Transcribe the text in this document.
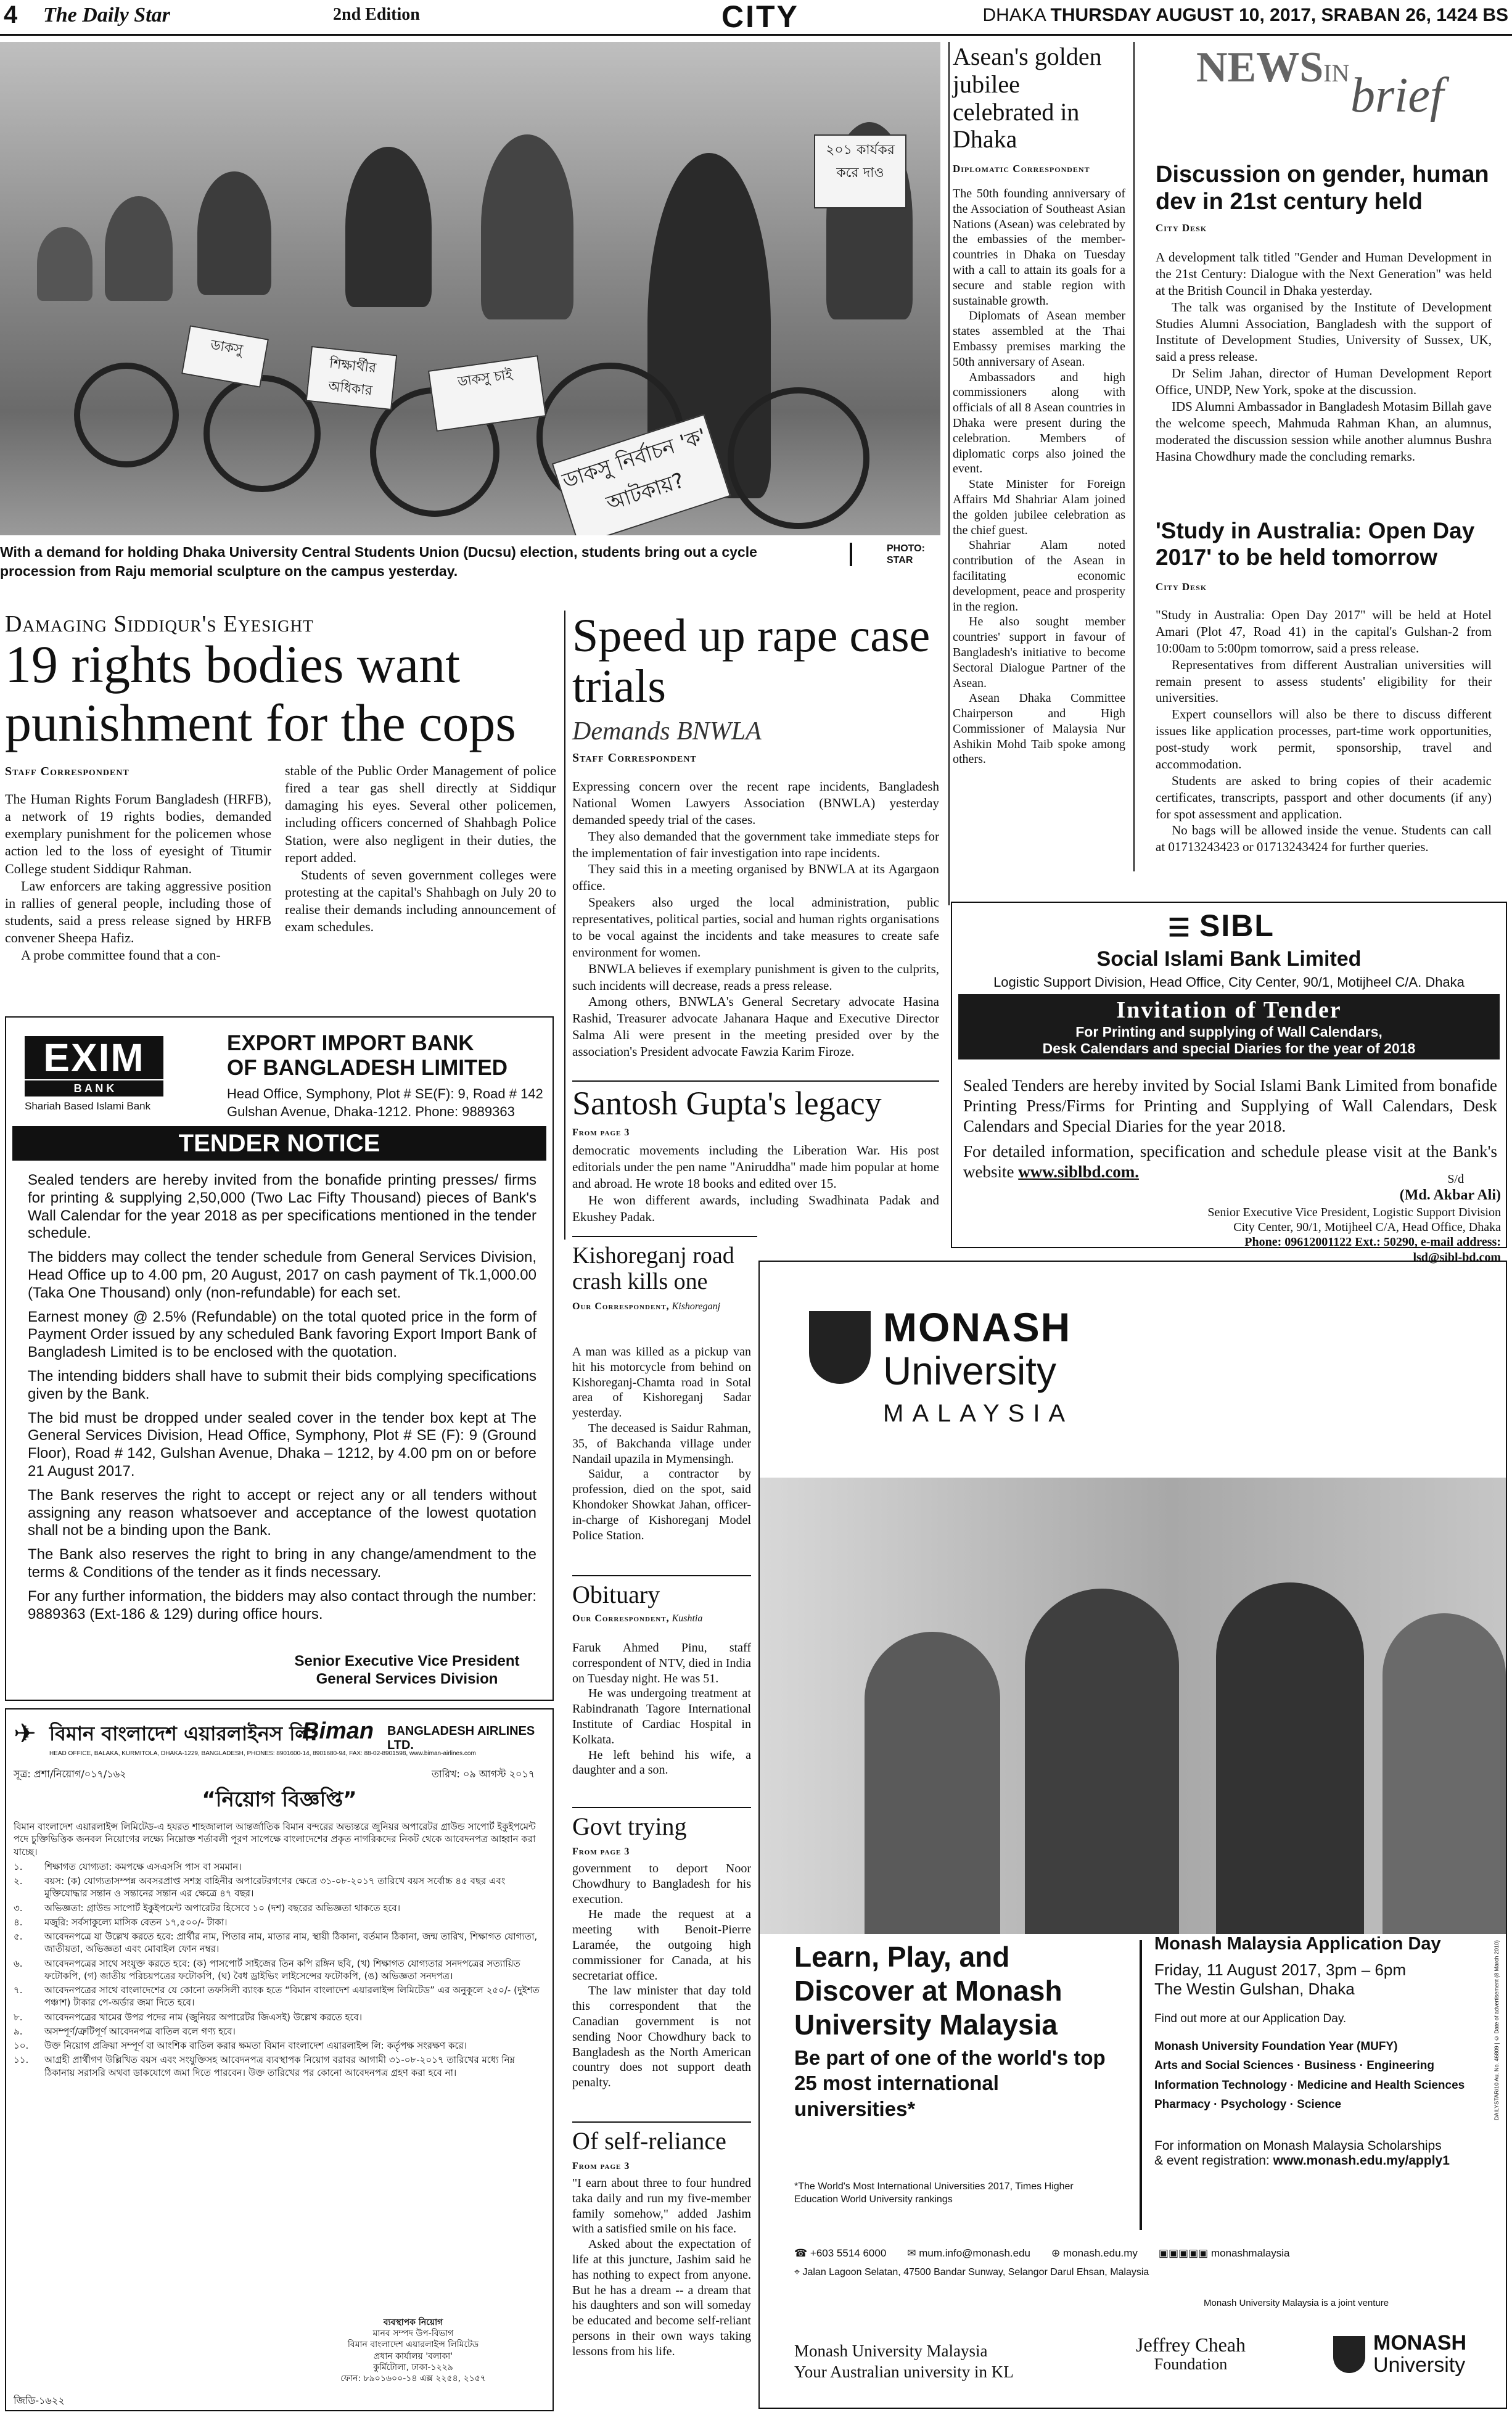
4 The Daily Star	2nd Edition	CITY	DHAKA THURSDAY AUGUST 10, 2017, SRABAN 26, 1424 BS
ডাকসু নির্বাচন 'ক' আটকায়?
২০১ কার্যকর করে দাও
ডাকসু চাই
শিক্ষার্থীর অধিকার
ডাকসু
With a demand for holding Dhaka University Central Students Union (Ducsu) election, students bring out a cycle procession from Raju memorial sculpture on the campus yesterday.
PHOTO:
STAR
Damaging Siddiqur's Eyesight
19 rights bodies want punishment for the cops
Staff Correspondent

The Human Rights Forum Bangladesh (HRFB), a network of 19 rights bodies, demanded exemplary punishment for the policemen whose action led to the loss of eyesight of Titumir College student Siddiqur Rahman.

Law enforcers are taking aggressive position in rallies of general people, including those of students, said a press release signed by HRFB convener Sheepa Hafiz.

A probe committee found that a con-

stable of the Public Order Management of police fired a tear gas shell directly at Siddiqur damaging his eyes. Several other policemen, including officers concerned of Shahbagh Police Station, were also negligent in their duties, the report added.

Students of seven government colleges were protesting at the capital's Shahbagh on July 20 to realise their demands including announcement of exam schedules.

Speed up rape case trials
Demands BNWLA
Staff Correspondent

Expressing concern over the recent rape incidents, Bangladesh National Women Lawyers Association (BNWLA) yesterday demanded speedy trial of the cases.

They also demanded that the government take immediate steps for the implementation of fair investigation into rape incidents.

They said this in a meeting organised by BNWLA at its Agargaon office.

Speakers also urged the local administration, public representatives, political parties, social and human rights organisations to be vocal against the incidents and take measures to create safe environment for women.

BNWLA believes if exemplary punishment is given to the culprits, such incidents will decrease, reads a press release.

Among others, BNWLA's General Secretary advocate Hasina Rashid, Treasurer advocate Jahanara Haque and Executive Director Salma Ali were present in the meeting presided over by the association's President advocate Fawzia Karim Firoze.

Santosh Gupta's legacy
From page 3

democratic movements including the Liberation War. His post editorials under the pen name "Aniruddha" made him popular at home and abroad. He wrote 18 books and edited over 15.

He won different awards, including Swadhinata Padak and Ekushey Padak.

Kishoreganj road crash kills one
Our Correspondent, Kishoreganj

A man was killed as a pickup van hit his motorcycle from behind on Kishoreganj-Chamta road in Sotal area of Kishoreganj Sadar yesterday.

The deceased is Saidur Rahman, 35, of Bakchanda village under Nandail upazila in Mymensingh.

Saidur, a contractor by profession, died on the spot, said Khondoker Showkat Jahan, officer-in-charge of Kishoreganj Model Police Station.

Obituary
Our Correspondent, Kushtia

Faruk Ahmed Pinu, staff correspondent of NTV, died in India on Tuesday night. He was 51.

He was undergoing treatment at Rabindranath Tagore International Institute of Cardiac Hospital in Kolkata.

He left behind his wife, a daughter and a son.

Govt trying
From page 3

government to deport Noor Chowdhury to Bangladesh for his execution.

He made the request at a meeting with Benoit-Pierre Laramée, the outgoing high commissioner for Canada, at his secretariat office.

The law minister that day told this correspondent that the Canadian government is not sending Noor Chowdhury back to Bangladesh as the North American country does not support death penalty.

Of self-reliance
From page 3

"I earn about three to four hundred taka daily and run my five-member family somehow," added Jashim with a satisfied smile on his face.

Asked about the expectation of life at this juncture, Jashim said he has nothing to expect from anyone. But he has a dream -- a dream that his daughters and son will someday be educated and become self-reliant persons in their own ways taking lessons from his life.

Asean's golden jubilee celebrated in Dhaka
Diplomatic Correspondent

The 50th founding anniversary of the Association of Southeast Asian Nations (Asean) was celebrated by the embassies of the member-countries in Dhaka on Tuesday with a call to attain its goals for a secure and stable region with sustainable growth.

Diplomats of Asean member states assembled at the Thai Embassy premises marking the 50th anniversary of Asean.

Ambassadors and high commissioners along with officials of all 8 Asean countries in Dhaka were present during the celebration. Members of diplomatic corps also joined the event.

State Minister for Foreign Affairs Md Shahriar Alam joined the golden jubilee celebration as the chief guest.

Shahriar Alam noted contribution of the Asean in facilitating economic development, peace and prosperity in the region.

He also sought member countries' support in favour of Bangladesh's initiative to become Sectoral Dialogue Partner of the Asean.

Asean Dhaka Committee Chairperson and High Commissioner of Malaysia Nur Ashikin Mohd Taib spoke among others.

NEWSIN brief
Discussion on gender, human dev in 21st century held
City Desk

A development talk titled "Gender and Human Development in the 21st Century: Dialogue with the Next Generation" was held at the British Council in Dhaka yesterday.

The talk was organised by the Institute of Development Studies Alumni Association, Bangladesh with the support of Institute of Development Studies, University of Sussex, UK, said a press release.

Dr Selim Jahan, director of Human Development Report Office, UNDP, New York, spoke at the discussion.

IDS Alumni Ambassador in Bangladesh Motasim Billah gave the welcome speech, Mahmuda Rahman Khan, an alumnus, moderated the discussion session while another alumnus Bushra Hasina Chowdhury made the concluding remarks.

'Study in Australia: Open Day 2017' to be held tomorrow
City Desk

"Study in Australia: Open Day 2017" will be held at Hotel Amari (Plot 47, Road 41) in the capital's Gulshan-2 from 10:00am to 5:00pm tomorrow, said a press release.

Representatives from different Australian universities will remain present to assess students' eligibility for their universities.

Expert counsellors will also be there to discuss different issues like application processes, part-time work opportunities, post-study work permit, sponsorship, travel and accommodation.

Students are asked to bring copies of their academic certificates, transcripts, passport and other documents (if any) for spot assessment and application.

No bags will be allowed inside the venue. Students can call at 01713243423 or 01713243424 for further queries.

EXIM
B A N K
Shariah Based Islami Bank
EXPORT IMPORT BANK
OF BANGLADESH LIMITED
Head Office, Symphony, Plot # SE(F): 9, Road # 142
Gulshan Avenue, Dhaka-1212. Phone: 9889363
TENDER NOTICE

Sealed tenders are hereby invited from the bonafide printing presses/ firms for printing & supplying 2,50,000 (Two Lac Fifty Thousand) pieces of Bank's Wall Calendar for the year 2018 as per specifications mentioned in the tender schedule.

The bidders may collect the tender schedule from General Services Division, Head Office up to 4.00 pm, 20 August, 2017 on cash payment of Tk.1,000.00 (Taka One Thousand) only (non-refundable) for each set.

Earnest money @ 2.5% (Refundable) on the total quoted price in the form of Payment Order issued by any scheduled Bank favoring Export Import Bank of Bangladesh Limited is to be enclosed with the quotation.

The intending bidders shall have to submit their bids complying specifications given by the Bank.

The bid must be dropped under sealed cover in the tender box kept at The General Services Division, Head Office, Symphony, Plot # SE (F): 9 (Ground Floor), Road # 142, Gulshan Avenue, Dhaka – 1212, by 4.00 pm on or before 21 August 2017.

The Bank reserves the right to accept or reject any or all tenders without assigning any reason whatsoever and acceptance of the lowest quotation shall not be a binding upon the Bank.

The Bank also reserves the right to bring in any change/amendment to the terms & Conditions of the tender as it finds necessary.

For any further information, the bidders may also contact through the number: 9889363 (Ext-186 & 129) during office hours.

Senior Executive Vice President
General Services Division
✈ বিমান বাংলাদেশ এয়ারলাইনস লি:
Biman BANGLADESH AIRLINES LTD.
HEAD OFFICE, BALAKA, KURMITOLA, DHAKA-1229, BANGLADESH, PHONES: 8901600-14, 8901680-94, FAX: 88-02-8901598, www.biman-airlines.com
সূত্র: প্রশা/নিয়োগ/০১৭/১৬২	তারিখ: ০৯ আগস্ট ২০১৭
“নিয়োগ বিজ্ঞপ্তি”

বিমান বাংলাদেশ এয়ারলাইন্স লিমিটেড-এ হযরত শাহজালাল আন্তর্জাতিক বিমান বন্দরের অভ্যন্তরে জুনিয়র অপারেটর গ্রাউন্ড সাপোর্ট ইকুইপমেন্ট পদে চুক্তিভিত্তিক জনবল নিয়োগের লক্ষ্যে নিম্নোক্ত শর্তাবলী পূরণ সাপেক্ষে বাংলাদেশের প্রকৃত নাগরিকদের নিকট থেকে আবেদনপত্র আহ্বান করা যাচ্ছে।

১.	শিক্ষাগত যোগ্যতা: কমপক্ষে এসএসসি পাস বা সমমান।
২.	বয়স: (ক) যোগ্যতাসম্পন্ন অবসরপ্রাপ্ত সশস্ত্র বাহিনীর অপারেটরগণের ক্ষেত্রে ৩১-০৮-২০১৭ তারিখে বয়স সর্বোচ্চ ৪৫ বছর এবং মুক্তিযোদ্ধার সন্তান ও সন্তানের সন্তান এর ক্ষেত্রে ৪৭ বছর।
৩.	অভিজ্ঞতা: গ্রাউন্ড সাপোর্ট ইকুইপমেন্ট অপারেটর হিসেবে ১০ (দশ) বছরের অভিজ্ঞতা থাকতে হবে।
৪.	মজুরি: সর্বসাকুল্যে মাসিক বেতন ১৭,৫০০/- টাকা।
৫.	আবেদনপত্রে যা উল্লেখ করতে হবে: প্রার্থীর নাম, পিতার নাম, মাতার নাম, স্থায়ী ঠিকানা, বর্তমান ঠিকানা, জন্ম তারিখ, শিক্ষাগত যোগ্যতা, জাতীয়তা, অভিজ্ঞতা এবং মোবাইল ফোন নম্বর।
৬.	আবেদনপত্রের সাথে সংযুক্ত করতে হবে: (ক) পাসপোর্ট সাইজের তিন কপি রঙ্গিন ছবি, (খ) শিক্ষাগত যোগ্যতার সনদপত্রের সত্যায়িত ফটোকপি, (গ) জাতীয় পরিচয়পত্রের ফটোকপি, (ঘ) বৈধ ড্রাইভিং লাইসেন্সের ফটোকপি, (ঙ) অভিজ্ঞতা সনদপত্র।
৭.	আবেদনপত্রের সাথে বাংলাদেশের যে কোনো তফসিলী ব্যাংক হতে “বিমান বাংলাদেশ এয়ারলাইন্স লিমিটেড” এর অনুকূলে ২৫০/- (দুইশত পঞ্চাশ) টাকার পে-অর্ডার জমা দিতে হবে।
৮.	আবেদনপত্রের খামের উপর পদের নাম (জুনিয়র অপারেটর জিএসই) উল্লেখ করতে হবে।
৯.	অসম্পূর্ণ/ত্রুটিপূর্ণ আবেদনপত্র বাতিল বলে গণ্য হবে।
১০.	উক্ত নিয়োগ প্রক্রিয়া সম্পূর্ণ বা আংশিক বাতিল করার ক্ষমতা বিমান বাংলাদেশ এয়ারলাইন্স লি: কর্তৃপক্ষ সংরক্ষণ করে।
১১.	আগ্রহী প্রার্থীগণ উল্লিখিত বয়স এবং সংযুক্তিসহ আবেদনপত্র ব্যবস্থাপক নিয়োগ বরাবর আগামী ৩১-০৮-২০১৭ তারিখের মধ্যে নিম্ন ঠিকানায় সরাসরি অথবা ডাকযোগে জমা দিতে পারবেন। উক্ত তারিখের পর কোনো আবেদনপত্র গ্রহণ করা হবে না।
ব্যবস্থাপক নিয়োগ
মানব সম্পদ উপ-বিভাগ
বিমান বাংলাদেশ এয়ারলাইন্স লিমিটেড
প্রধান কার্যালয় 'বলাকা'
কুর্মিটোলা, ঢাকা-১২২৯
ফোন: ৮৯০১৬০০-১৪ এক্স ২২৫৪, ২১৫৭
জিডি-১৬২২
☰ SIBL
Social Islami Bank Limited
Logistic Support Division, Head Office, City Center, 90/1, Motijheel C/A. Dhaka
Invitation of Tender
For Printing and supplying of Wall Calendars,
Desk Calendars and special Diaries for the year of 2018

Sealed Tenders are hereby invited by Social Islami Bank Limited from bonafide Printing Press/Firms for Printing and Supplying of Wall Calendars, Desk Calendars and Special Diaries for the year 2018.

For detailed information, specification and schedule please visit at the Bank's website www.siblbd.com.	S/d
(Md. Akbar Ali)
Senior Executive Vice President, Logistic Support Division
City Center, 90/1, Motijheel C/A, Head Office, Dhaka
Phone: 09612001122 Ext.: 50290, e-mail address: lsd@sibl-bd.com
MONASH
University
MALAYSIA
Learn, Play, and Discover at Monash University Malaysia
Be part of one of the world's top 25 most international universities*
*The World's Most International Universities 2017, Times Higher Education World University rankings
Monash Malaysia Application Day
Friday, 11 August 2017, 3pm – 6pm
The Westin Gulshan, Dhaka
Find out more at our Application Day.
Monash University Foundation Year (MUFY)
Arts and Social Sciences · Business · Engineering
Information Technology · Medicine and Health Sciences
Pharmacy · Psychology · Science
For information on Monash Malaysia Scholarships
& event registration: www.monash.edu.my/apply1
DAILYSTAR/10 Au. No. 46809 | © Date of advertisement (8 March 2010)
☎ +603 5514 6000 ✉ mum.info@monash.edu ⊕ monash.edu.my ▣▣▣▣▣ monashmalaysia
⌖ Jalan Lagoon Selatan, 47500 Bandar Sunway, Selangor Darul Ehsan, Malaysia
Monash University Malaysia is a joint venture
Monash University Malaysia
Your Australian university in KL
Jeffrey Cheah
Foundation
MONASH
University
